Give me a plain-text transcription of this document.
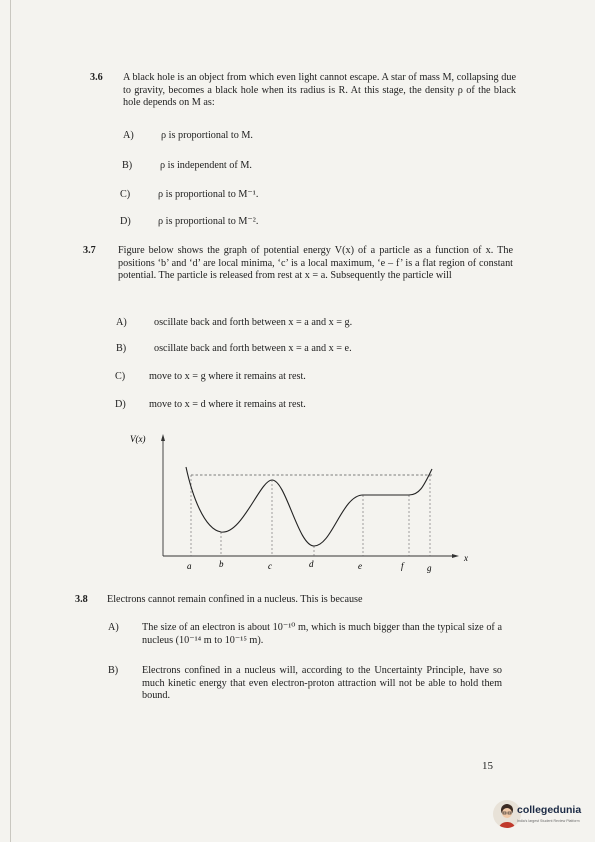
3.6 A black hole is an object from which even light cannot escape. A star of mass M, collapsing due to gravity, becomes a black hole when its radius is R. At this stage, the density ρ of the black hole depends on M as:
A)	ρ is proportional to M.
B)	ρ is independent of M.
C)	ρ is proportional to M⁻¹.
D)	ρ is proportional to M⁻².
3.7 Figure below shows the graph of potential energy V(x) of a particle as a function of x. The positions ‘b’ and ‘d’ are local minima, ‘c’ is a local maximum, ‘e – f’ is a flat region of constant potential. The particle is released from rest at x = a. Subsequently the particle will
A)	oscillate back and forth between x = a and x = g.
B)	oscillate back and forth between x = a and x = e.
C) move to x = g where it remains at rest.
D) move to x = d where it remains at rest.
V(x)
x
a	b	c	d	e	f	g
3.8 Electrons cannot remain confined in a nucleus. This is because
A) The size of an electron is about 10⁻¹⁰ m, which is much bigger than the typical size of a nucleus (10⁻¹⁴ m to 10⁻¹⁵ m).
B) Electrons confined in a nucleus will, according to the Uncertainty Principle, have so much kinetic energy that even electron-proton attraction will not be able to hold them bound.
15
collegedunia
India's largest Student Review Platform
